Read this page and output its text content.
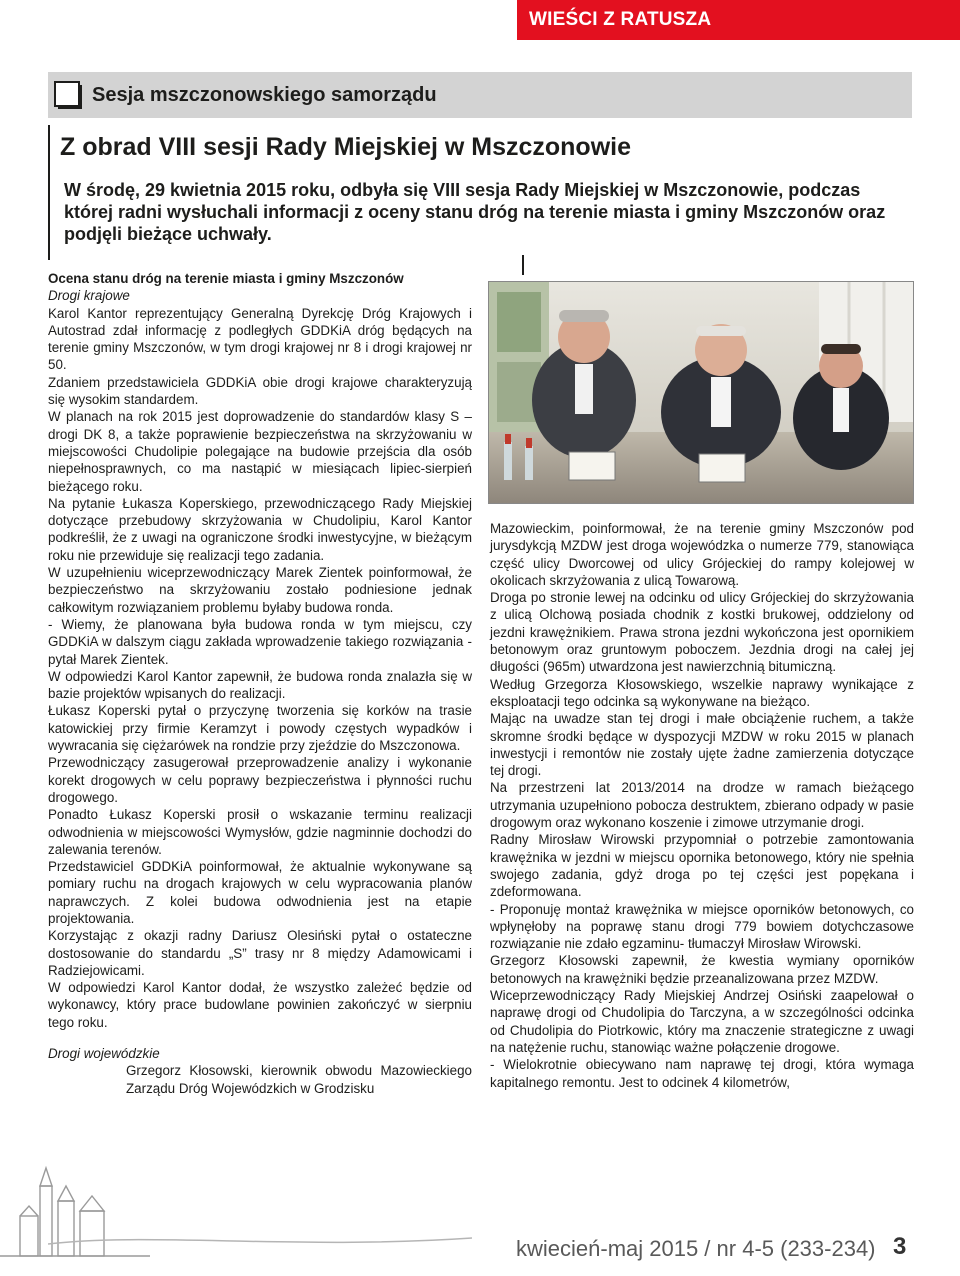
WIEŚCI Z RATUSZA
Sesja mszczonowskiego samorządu
Z obrad VIII sesji Rady Miejskiej w Mszczonowie

W środę, 29 kwietnia 2015 roku, odbyła się VIII sesja Rady Miejskiej w Mszczonowie, podczas której radni wysłuchali informacji z oceny stanu dróg na terenie miasta i gminy Mszczonów oraz podjęli bieżące uchwały.

Ocena stanu dróg na terenie miasta i gminy Mszczonów

Drogi krajowe

Karol Kantor reprezentujący Generalną Dyrekcję Dróg Krajowych i Autostrad zdał informację z podległych GDDKiA dróg będących na terenie gminy Mszczonów, w tym drogi krajowej nr 8 i drogi krajowej nr 50.

Zdaniem przedstawiciela GDDKiA obie drogi krajowe charakteryzują się wysokim standardem.

W planach na rok 2015 jest doprowadzenie do standardów klasy S – drogi DK 8, a także poprawienie bezpieczeństwa na skrzyżowaniu w miejscowości Chudolipie polegające na budowie przejścia dla osób niepełnosprawnych, co ma nastąpić w miesiącach lipiec-sierpień bieżącego roku.

Na pytanie Łukasza Koperskiego, przewodniczącego Rady Miejskiej dotyczące przebudowy skrzyżowania w Chudolipiu, Karol Kantor podkreślił, że z uwagi na ograniczone środki inwestycyjne, w bieżącym roku nie przewiduje się realizacji tego zadania.

W uzupełnieniu wiceprzewodniczący Marek Zientek poinformował, że bezpieczeństwo na skrzyżowaniu zostało podniesione jednak całkowitym rozwiązaniem problemu byłaby budowa ronda.

- Wiemy, że planowana była budowa ronda w tym miejscu, czy GDDKiA w dalszym ciągu zakłada wprowadzenie takiego rozwiązania -pytał Marek Zientek.

W odpowiedzi Karol Kantor zapewnił, że budowa ronda znalazła się w bazie projektów wpisanych do realizacji.

Łukasz Koperski pytał o przyczynę tworzenia się korków na trasie katowickiej przy firmie Keramzyt i powody częstych wypadków i wywracania się ciężarówek na rondzie przy zjeździe do Mszczonowa.

Przewodniczący zasugerował przeprowadzenie analizy i wykonanie korekt drogowych w celu poprawy bezpieczeństwa i płynności ruchu drogowego.

Ponadto Łukasz Koperski prosił o wskazanie terminu realizacji odwodnienia w miejscowości Wymysłów, gdzie nagminnie dochodzi do zalewania terenów.

Przedstawiciel GDDKiA poinformował, że aktualnie wykonywane są pomiary ruchu na drogach krajowych w celu wypracowania planów naprawczych. Z kolei budowa odwodnienia jest na etapie projektowania.

Korzystając z okazji radny Dariusz Olesiński pytał o ostateczne dostosowanie do standardu „S” trasy nr 8 między Adamowicami i Radziejowicami.

W odpowiedzi Karol Kantor dodał, że wszystko zależeć będzie od wykonawcy, który prace budowlane powinien zakończyć w sierpniu tego roku.

Drogi wojewódzkie

Grzegorz Kłosowski, kierownik obwodu Mazowieckiego Zarządu Dróg Wojewódzkich w Grodzisku

Mazowieckim, poinformował, że na terenie gminy Mszczonów pod jurysdykcją MZDW jest droga wojewódzka o numerze 779, stanowiąca część ulicy Dworcowej od ulicy Grójeckiej do rampy kolejowej w okolicach skrzyżowania z ulicą Towarową.

Droga po stronie lewej na odcinku od ulicy Grójeckiej do skrzyżowania z ulicą Olchową posiada chodnik z kostki brukowej, oddzielony od jezdni krawężnikiem. Prawa strona jezdni wykończona jest opornikiem betonowym oraz gruntowym poboczem. Jezdnia drogi na całej jej długości (965m) utwardzona jest nawierzchnią bitumiczną.

Według Grzegorza Kłosowskiego, wszelkie naprawy wynikające z eksploatacji tego odcinka są wykonywane na bieżąco.

Mając na uwadze stan tej drogi i małe obciążenie ruchem, a także skromne środki będące w dyspozycji MZDW w roku 2015 w planach inwestycji i remontów nie zostały ujęte żadne zamierzenia dotyczące tej drogi.

Na przestrzeni lat 2013/2014 na drodze w ramach bieżącego utrzymania uzupełniono pobocza destruktem, zbierano odpady w pasie drogowym oraz wykonano koszenie i zimowe utrzymanie drogi.

Radny Mirosław Wirowski przypomniał o potrzebie zamontowania krawężnika w jezdni w miejscu opornika betonowego, który nie spełnia swojego zadania, gdyż droga po tej części jest popękana i zdeformowana.

- Proponuję montaż krawężnika w miejsce oporników betonowych, co wpłynęłoby na poprawę stanu drogi 779 bowiem dotychczasowe rozwiązanie nie zdało egzaminu- tłumaczył Mirosław Wirowski.

Grzegorz Kłosowski zapewnił, że kwestia wymiany oporników betonowych na krawężniki będzie przeanalizowana przez MZDW.

Wiceprzewodniczący Rady Miejskiej Andrzej Osiński zaapelował o naprawę drogi od Chudolipia do Tarczyna, a w szczególności odcinka od Chudolipia do Piotrkowic, który ma znaczenie strategiczne z uwagi na natężenie ruchu, stanowiąc ważne połączenie drogowe.

- Wielokrotnie obiecywano nam naprawę tej drogi, która wymaga kapitalnego remontu. Jest to odcinek 4 kilometrów,

kwiecień-maj 2015 / nr 4-5 (233-234) 3
